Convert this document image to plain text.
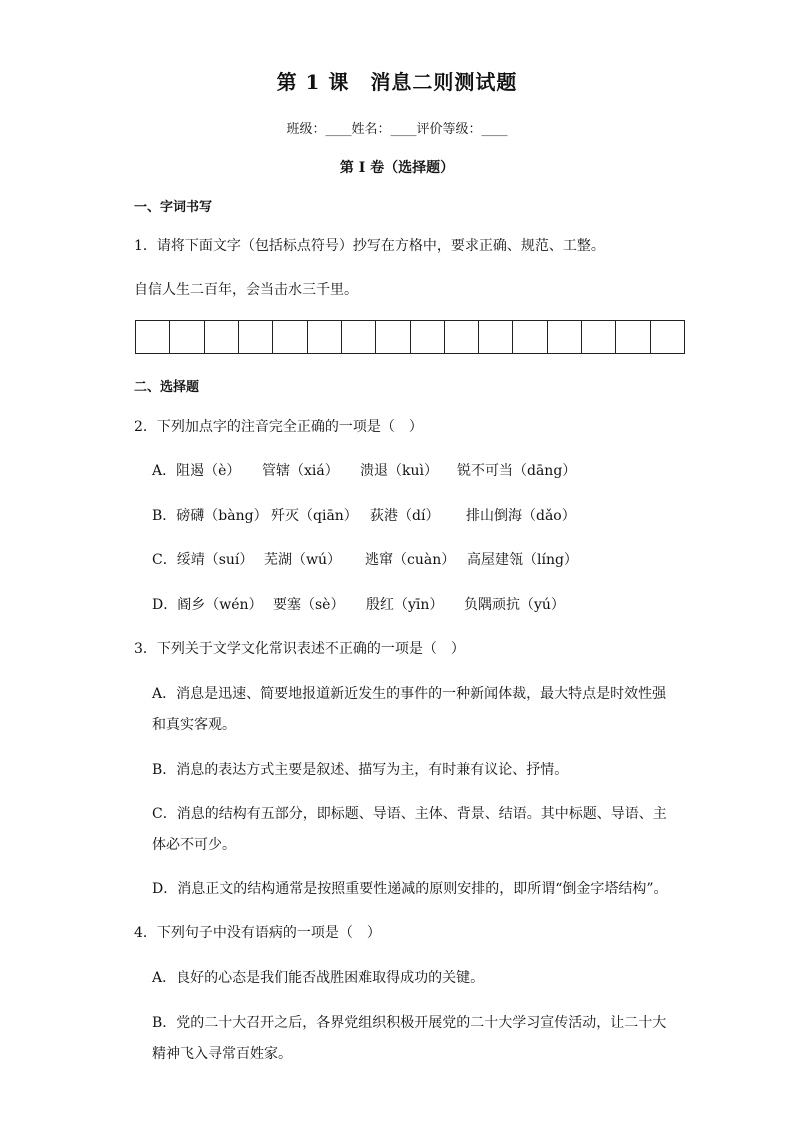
第 1 课　消息二则测试题
班级：____姓名：____评价等级：____
第 I 卷（选择题）
一、字词书写
1．请将下面文字（包括标点符号）抄写在方格中，要求正确、规范、工整。
自信人生二百年，会当击水三千里。
二、选择题
2．下列加点字的注音完全正确的一项是（　）
A．阻遏（è）	管辖（xiá）	溃退（kuì）	锐不可当（dāng）
B．磅礴（bàng） 歼灭（qiān） 荻港（dí）	排山倒海（dǎo）
C．绥靖（suí） 芜湖（wú）	逃窜（cuàn） 高屋建瓴（líng）
D．阍乡（wén） 要塞（sè）	殷红（yīn）	负隅顽抗（yú）
3．下列关于文学文化常识表述不正确的一项是（　）
A．消息是迅速、简要地报道新近发生的事件的一种新闻体裁，最大特点是时效性强
和真实客观。
B．消息的表达方式主要是叙述、描写为主，有时兼有议论、抒情。
C．消息的结构有五部分，即标题、导语、主体、背景、结语。其中标题、导语、主
体必不可少。
D．消息正文的结构通常是按照重要性递减的原则安排的，即所谓“倒金字塔结构”。
4．下列句子中没有语病的一项是（　）
A．良好的心态是我们能否战胜困难取得成功的关键。
B．党的二十大召开之后，各界党组织积极开展党的二十大学习宣传活动，让二十大
精神飞入寻常百姓家。
